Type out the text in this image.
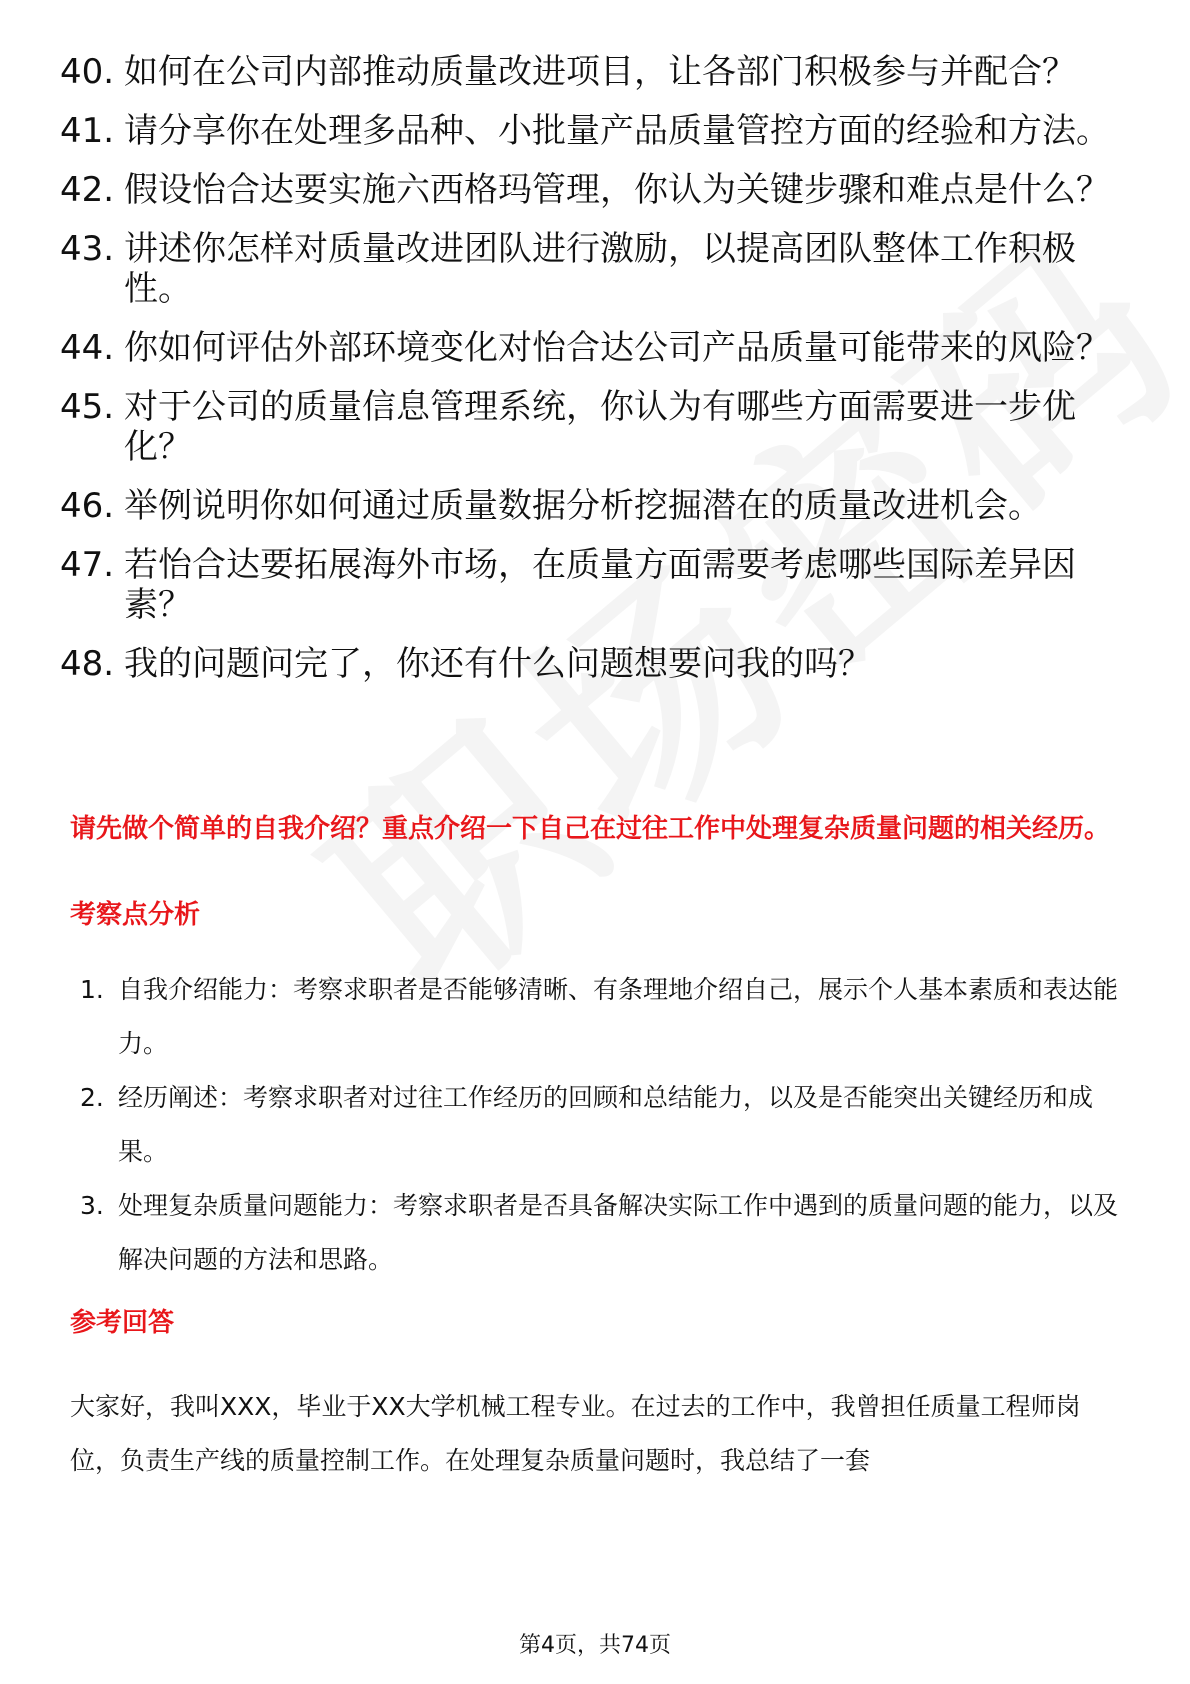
40. 如何在公司内部推动质量改进项目，让各部门积极参与并配合？
41. 请分享你在处理多品种、小批量产品质量管控方面的经验和方法。
42. 假设怡合达要实施六西格玛管理，你认为关键步骤和难点是什么？
43. 讲述你怎样对质量改进团队进行激励，以提高团队整体工作积极性。
44. 你如何评估外部环境变化对怡合达公司产品质量可能带来的风险？
45. 对于公司的质量信息管理系统，你认为有哪些方面需要进一步优化？
46. 举例说明你如何通过质量数据分析挖掘潜在的质量改进机会。
47. 若怡合达要拓展海外市场，在质量方面需要考虑哪些国际差异因素？
48. 我的问题问完了，你还有什么问题想要问我的吗？
请先做个简单的自我介绍？重点介绍一下自己在过往工作中处理复杂质量问题的相关经历。
考察点分析
1. 自我介绍能力：考察求职者是否能够清晰、有条理地介绍自己，展示个人基本素质和表达能力。
2. 经历阐述：考察求职者对过往工作经历的回顾和总结能力，以及是否能突出关键经历和成果。
3. 处理复杂质量问题能力：考察求职者是否具备解决实际工作中遇到的质量问题的能力，以及解决问题的方法和思路。
参考回答
大家好，我叫XXX，毕业于XX大学机械工程专业。在过去的工作中，我曾担任质量工程师岗位，负责生产线的质量控制工作。在处理复杂质量问题时，我总结了一套
第4页，共74页
